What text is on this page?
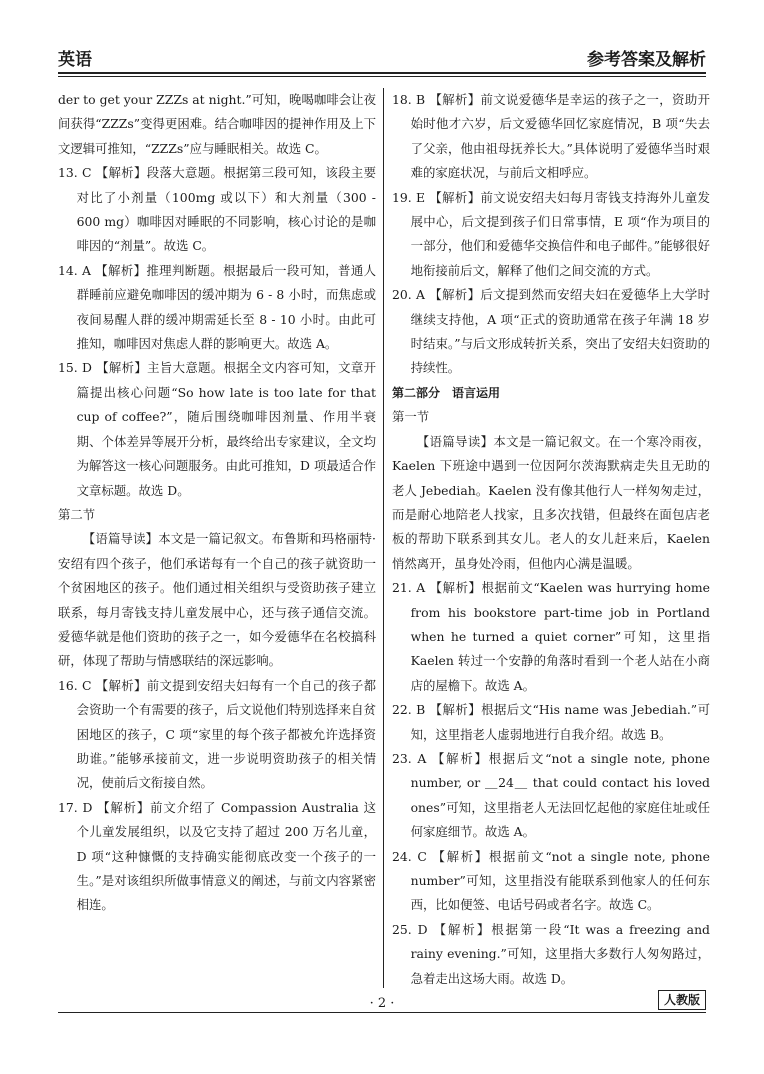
英语	参考答案及解析

der to get your ZZZs at night.”可知，晚喝咖啡会让夜间获得“ZZZs”变得更困难。结合咖啡因的提神作用及上下文逻辑可推知，“ZZZs”应与睡眠相关。故选 C。

13. C 【解析】段落大意题。根据第三段可知，该段主要对比了小剂量（100mg 或以下）和大剂量（300 - 600 mg）咖啡因对睡眠的不同影响，核心讨论的是咖啡因的“剂量”。故选 C。

14. A 【解析】推理判断题。根据最后一段可知，普通人群睡前应避免咖啡因的缓冲期为 6 - 8 小时，而焦虑或夜间易醒人群的缓冲期需延长至 8 - 10 小时。由此可推知，咖啡因对焦虑人群的影响更大。故选 A。

15. D 【解析】主旨大意题。根据全文内容可知，文章开篇提出核心问题“So how late is too late for that cup of coffee?”，随后围绕咖啡因剂量、作用半衰期、个体差异等展开分析，最终给出专家建议，全文均为解答这一核心问题服务。由此可推知，D 项最适合作文章标题。故选 D。

第二节

【语篇导读】本文是一篇记叙文。布鲁斯和玛格丽特·安绍有四个孩子，他们承诺每有一个自己的孩子就资助一个贫困地区的孩子。他们通过相关组织与受资助孩子建立联系，每月寄钱支持儿童发展中心，还与孩子通信交流。爱德华就是他们资助的孩子之一，如今爱德华在名校搞科研，体现了帮助与情感联结的深远影响。

16. C 【解析】前文提到安绍夫妇每有一个自己的孩子都会资助一个有需要的孩子，后文说他们特别选择来自贫困地区的孩子，C 项“家里的每个孩子都被允许选择资助谁。”能够承接前文，进一步说明资助孩子的相关情况，使前后文衔接自然。

17. D 【解析】前文介绍了 Compassion Australia 这个儿童发展组织，以及它支持了超过 200 万名儿童，D 项“这种慷慨的支持确实能彻底改变一个孩子的一生。”是对该组织所做事情意义的阐述，与前文内容紧密相连。

18. B 【解析】前文说爱德华是幸运的孩子之一，资助开始时他才六岁，后文爱德华回忆家庭情况，B 项“失去了父亲，他由祖母抚养长大。”具体说明了爱德华当时艰难的家庭状况，与前后文相呼应。

19. E 【解析】前文说安绍夫妇每月寄钱支持海外儿童发展中心，后文提到孩子们日常事情，E 项“作为项目的一部分，他们和爱德华交换信件和电子邮件。”能够很好地衔接前后文，解释了他们之间交流的方式。

20. A 【解析】后文提到然而安绍夫妇在爱德华上大学时继续支持他，A 项“正式的资助通常在孩子年满 18 岁时结束。”与后文形成转折关系，突出了安绍夫妇资助的持续性。

第二部分　语言运用

第一节

【语篇导读】本文是一篇记叙文。在一个寒冷雨夜，Kaelen 下班途中遇到一位因阿尔茨海默病走失且无助的老人 Jebediah。Kaelen 没有像其他行人一样匆匆走过，而是耐心地陪老人找家，且多次找错，但最终在面包店老板的帮助下联系到其女儿。老人的女儿赶来后，Kaelen 悄然离开，虽身处冷雨，但他内心满是温暖。

21. A 【解析】根据前文“Kaelen was hurrying home from his bookstore part-time job in Portland when he turned a quiet corner”可知，这里指 Kaelen 转过一个安静的角落时看到一个老人站在小商店的屋檐下。故选 A。

22. B 【解析】根据后文“His name was Jebediah.”可知，这里指老人虚弱地进行自我介绍。故选 B。

23. A 【解析】根据后文“not a single note, phone number, or ＿24＿ that could contact his loved ones”可知，这里指老人无法回忆起他的家庭住址或任何家庭细节。故选 A。

24. C 【解析】根据前文“not a single note, phone number”可知，这里指没有能联系到他家人的任何东西，比如便签、电话号码或者名字。故选 C。

25. D 【解析】根据第一段“It was a freezing and rainy evening.”可知，这里指大多数行人匆匆路过，急着走出这场大雨。故选 D。

· 2 ·	人教版
